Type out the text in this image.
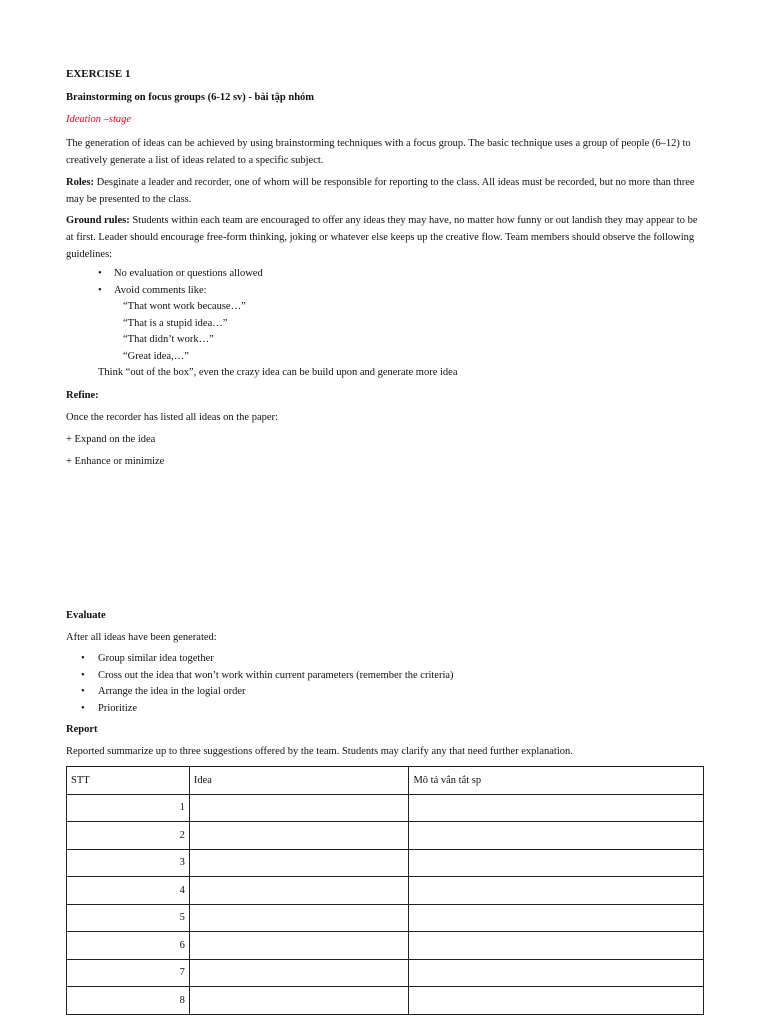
EXERCISE 1
Brainstorming on focus groups (6-12 sv) - bài tập nhóm
Ideation –stage

The generation of ideas can be achieved by using brainstorming techniques with a focus group. The basic technique uses a group of people (6–12) to creatively generate a list of ideas related to a specific subject.

Roles: Desginate a leader and recorder, one of whom will be responsible for reporting to the class. All ideas must be recorded, but no more than three may be presented to the class.

Ground rules: Students within each team are encouraged to offer any ideas they may have, no matter how funny or out landish they may appear to be at first. Leader should encourage free-form thinking, joking or whatever else keeps up the creative flow. Team members should observe the following guidelines:

• No evaluation or questions allowed
• Avoid comments like:
“That wont work because…”
“That is a stupid idea…”
“That didn’t work…”
“Great idea,…”
Think “out of the box”, even the crazy idea can be build upon and generate more idea
Refine:

Once the recorder has listed all ideas on the paper:

+ Expand on the idea

+ Enhance or minimize

Evaluate

After all ideas have been generated:

• Group similar idea together
• Cross out the idea that won’t work within current parameters (remember the criteria)
• Arrange the idea in the logial order
• Prioritize
Report

Reported summarize up to three suggestions offered by the team. Students may clarify any that need further explanation.

STT	Idea	Mô tả vắn tắt sp
1		
2		
3		
4		
5		
6		
7		
8		
